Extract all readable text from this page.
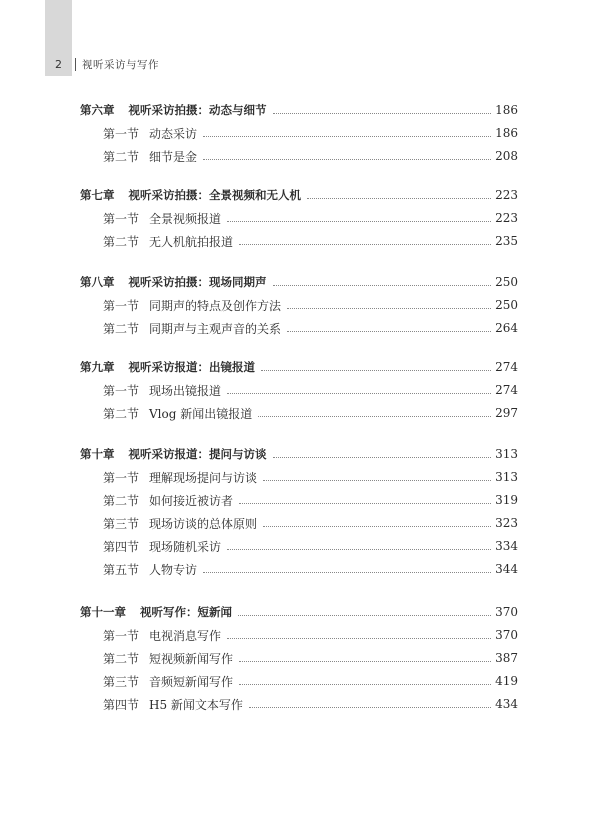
2	视听采访与写作
第六章 视听采访拍摄：动态与细节	186
第一节 动态采访	186
第二节 细节是金	208
第七章 视听采访拍摄：全景视频和无人机	223
第一节 全景视频报道	223
第二节 无人机航拍报道	235
第八章 视听采访拍摄：现场同期声	250
第一节 同期声的特点及创作方法	250
第二节 同期声与主观声音的关系	264
第九章 视听采访报道：出镜报道	274
第一节 现场出镜报道	274
第二节 Vlog 新闻出镜报道	297
第十章 视听采访报道：提问与访谈	313
第一节 理解现场提问与访谈	313
第二节 如何接近被访者	319
第三节 现场访谈的总体原则	323
第四节 现场随机采访	334
第五节 人物专访	344
第十一章 视听写作：短新闻	370
第一节 电视消息写作	370
第二节 短视频新闻写作	387
第三节 音频短新闻写作	419
第四节 H5 新闻文本写作	434
